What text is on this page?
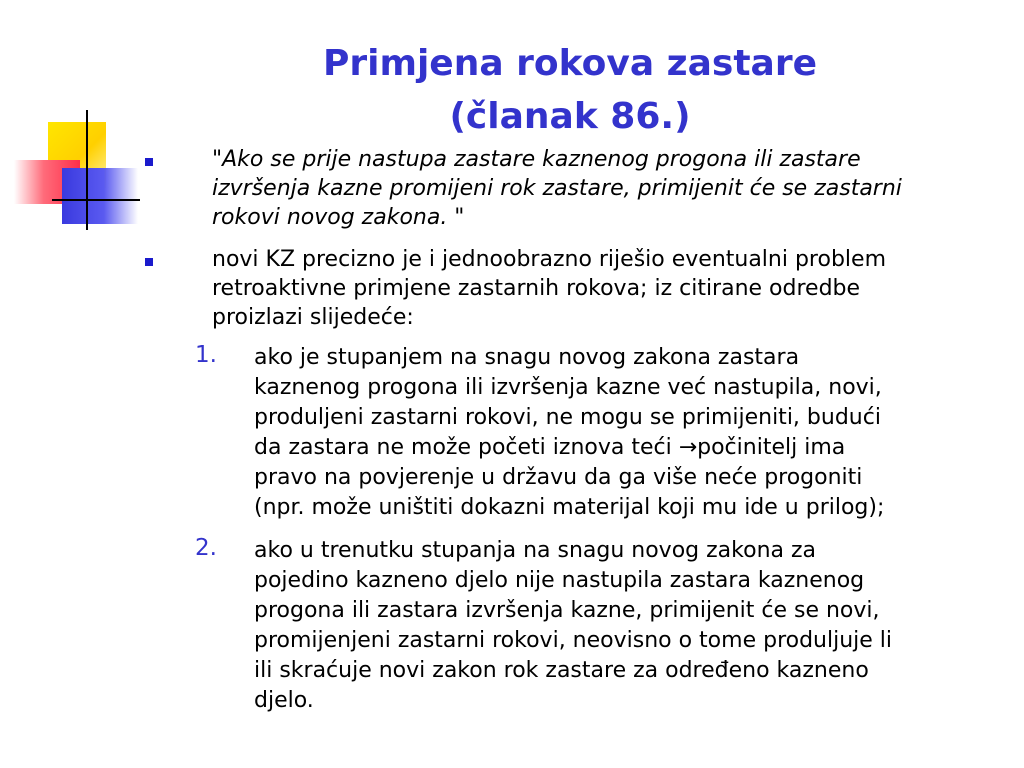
Primjena rokova zastare
(članak 86.)

"Ako se prije nastupa zastare kaznenog progona ili zastare
izvršenja kazne promijeni rok zastare, primijenit će se zastarni
rokovi novog zakona. "

novi KZ precizno je i jednoobrazno riješio eventualni problem
retroaktivne primjene zastarnih rokova; iz citirane odredbe
proizlazi slijedeće:

1. ako je stupanjem na snagu novog zakona zastara
kaznenog progona ili izvršenja kazne već nastupila, novi,
produljeni zastarni rokovi, ne mogu se primijeniti, budući
da zastara ne može početi iznova teći →počinitelj ima
pravo na povjerenje u državu da ga više neće progoniti
(npr. može uništiti dokazni materijal koji mu ide u prilog);

2. ako u trenutku stupanja na snagu novog zakona za
pojedino kazneno djelo nije nastupila zastara kaznenog
progona ili zastara izvršenja kazne, primijenit će se novi,
promijenjeni zastarni rokovi, neovisno o tome produljuje li
ili skraćuje novi zakon rok zastare za određeno kazneno
djelo.
